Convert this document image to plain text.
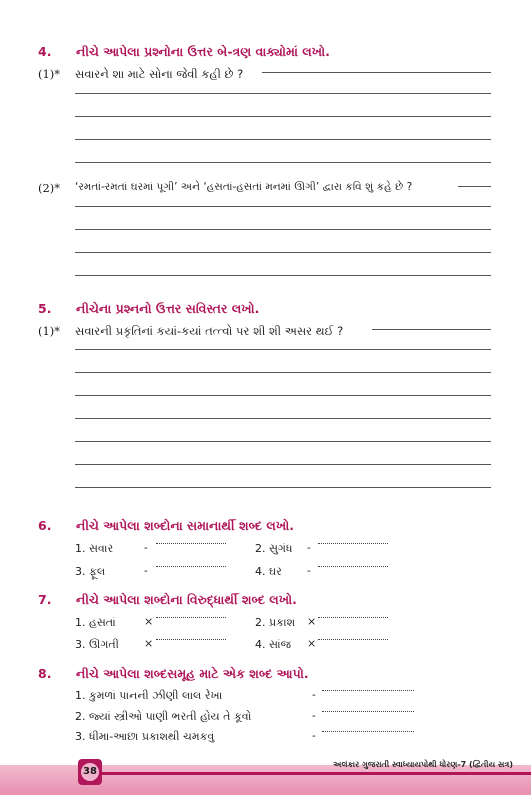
4. નીચે આપેલા પ્રશ્નોના ઉત્તર બે-ત્રણ વાક્યોમાં લખો.
(1)* સવારને શા માટે સોના જેવી કહી છે ?
(2)* ‘રમતાં-રમતાં ઘરમાં પૂગી’ અને ‘હસતાં-હસતાં મનમાં ઊગી’ દ્વારા કવિ શું કહે છે ?
5. નીચેના પ્રશ્નનો ઉત્તર સવિસ્તર લખો.
(1)* સવારની પ્રકૃતિનાં કયાં-કયાં તત્ત્વો પર શી શી અસર થઈ ?
6. નીચે આપેલા શબ્દોના સમાનાર્થી શબ્દ લખો.
1. સવાર	-	2. સુગંધ -
3. ફૂલ	-	4. ઘર -
7. નીચે આપેલા શબ્દોના વિરુદ્ધાર્થી શબ્દ લખો.
1. હસતાં	×	2. પ્રકાશ ×
3. ઊગતી ×	4. સાંજ ×
8. નીચે આપેલા શબ્દસમૂહ માટે એક શબ્દ આપો.
1. કુમળાં પાનની ઝીણી લાલ રેખા	-
2. જ્યાં સ્ત્રીઓ પાણી ભરતી હોય તે કૂવો	-
3. ધીમા-આછા પ્રકાશથી ચમકવું	-
38
અલંકાર ગુજરાતી સ્વાધ્યાયપોથી ધોરણ-7 (દ્વિતીય સત્ર)
